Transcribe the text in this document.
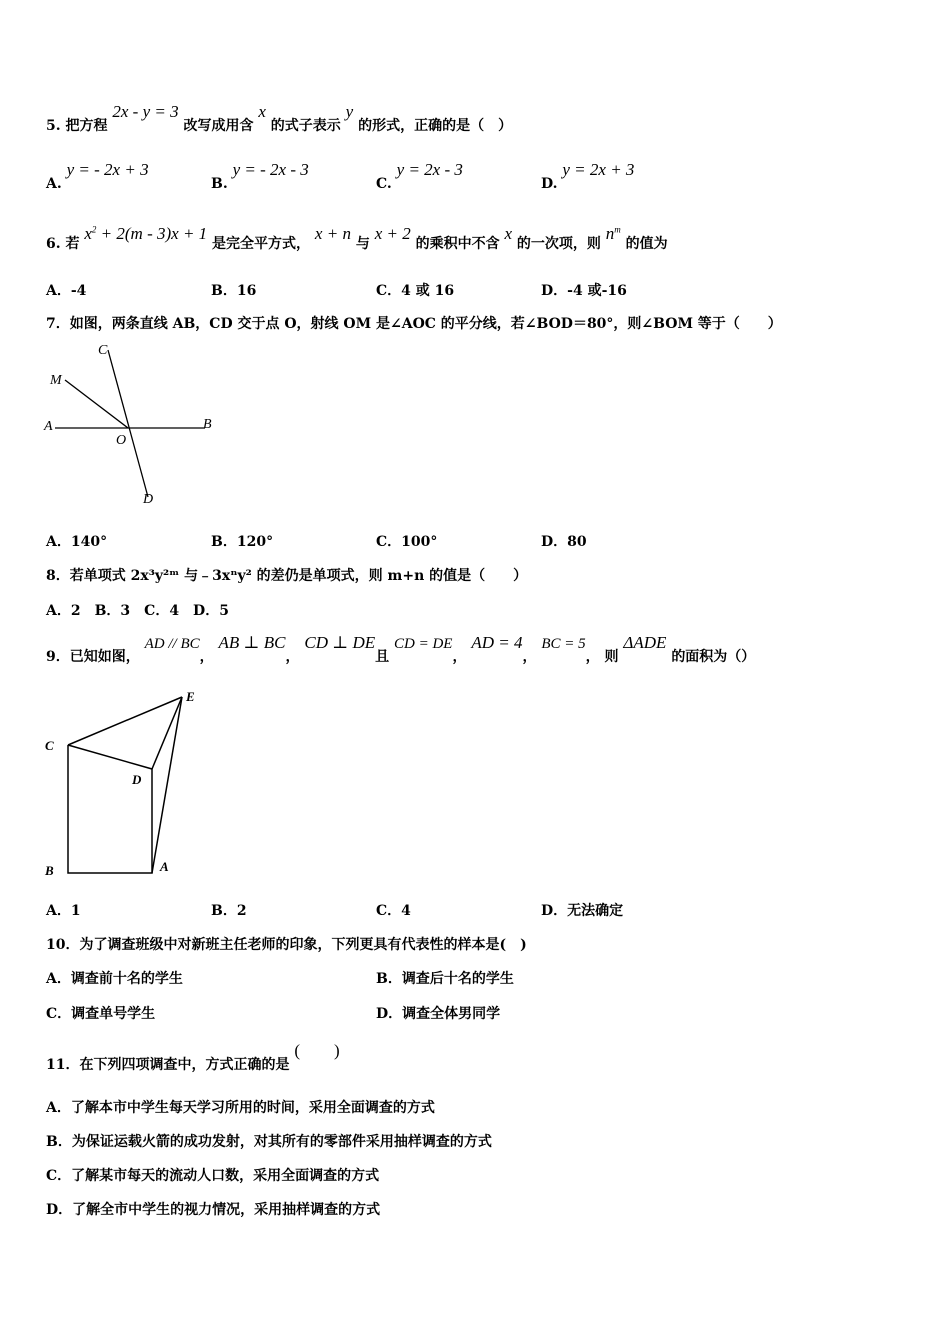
5. 把方程 2x - y = 3 改写成用含 x 的式子表示 y 的形式，正确的是（　）
A. y = - 2x + 3
B. y = - 2x - 3
C. y = 2x - 3
D. y = 2x + 3
6. 若 $x^2 + 2(m - 3)x + 1$ 是完全平方式， x + n 与 x + 2 的乘积中不含 x 的一次项，则 $n^m$ 的值为
A．-4	B．16	C．4 或 16	D．-4 或-16
7．如图，两条直线 AB，CD 交于点 O，射线 OM 是∠AOC 的平分线，若∠BOD＝80°，则∠BOM 等于（　　）
C
M
A
O
B
D
A．140°	B．120°	C．100°	D．80
8．若单项式 2x³y²ᵐ 与﹣3xⁿy² 的差仍是单项式，则 m+n 的值是（　　）
A．2　B．3　C．4　D．5
9．已知如图， AD // BC， AB ⊥ BC， CD ⊥ DE且 CD = DE， AD = 4， BC = 5， 则 ΔADE 的面积为（）
E
C
D
B	A
A．1	B．2	C．4	D．无法确定
10．为了调查班级中对新班主任老师的印象，下列更具有代表性的样本是(　)
A．调查前十名的学生	B．调查后十名的学生
C．调查单号学生	D．调查全体男同学
11．在下列四项调查中，方式正确的是 (　　)
A．了解本市中学生每天学习所用的时间，采用全面调查的方式
B．为保证运载火箭的成功发射，对其所有的零部件采用抽样调查的方式
C．了解某市每天的流动人口数，采用全面调查的方式
D．了解全市中学生的视力情况，采用抽样调查的方式
